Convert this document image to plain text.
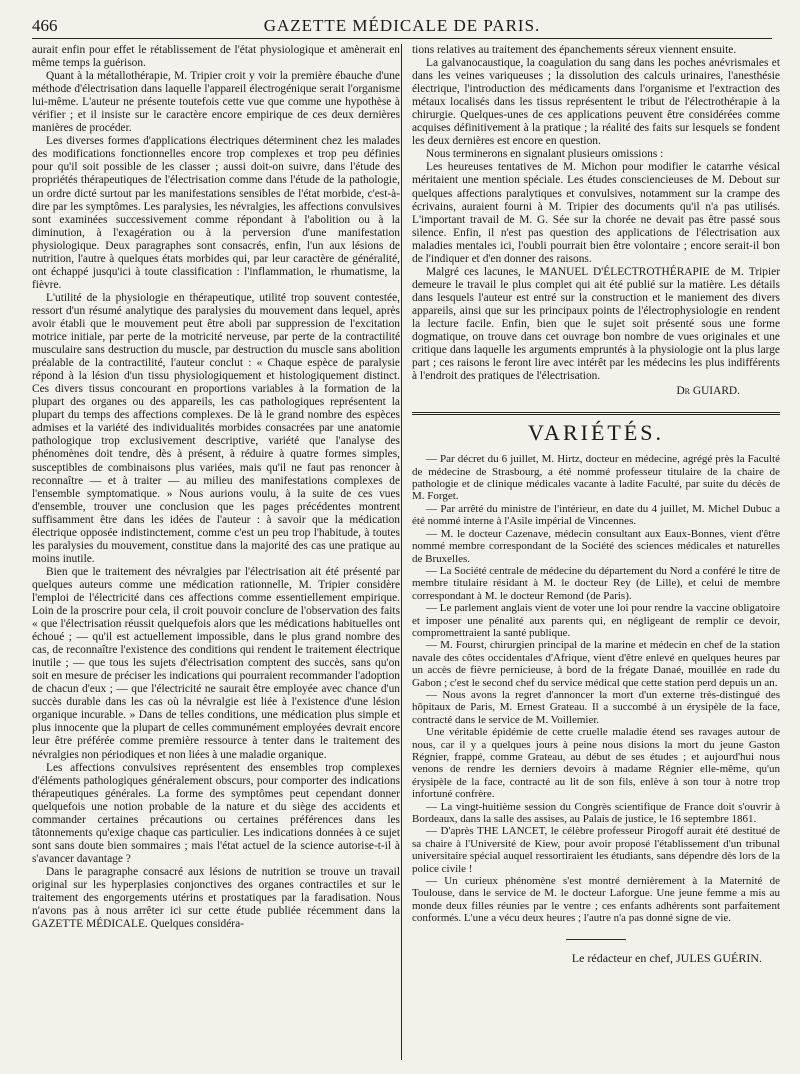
466	GAZETTE MÉDICALE DE PARIS.

aurait enfin pour effet le rétablissement de l'état physiologique et amènerait en même temps la guérison.

Quant à la métallothérapie, M. Tripier croit y voir la première ébauche d'une méthode d'électrisation dans laquelle l'appareil électrogénique serait l'organisme lui-même. L'auteur ne présente toutefois cette vue que comme une hypothèse à vérifier ; et il insiste sur le caractère encore empirique de ces deux dernières manières de procéder.

Les diverses formes d'applications électriques déterminent chez les malades des modifications fonctionnelles encore trop complexes et trop peu définies pour qu'il soit possible de les classer ; aussi doit-on suivre, dans l'étude des propriétés thérapeutiques de l'électrisation comme dans l'étude de la pathologie, un ordre dicté surtout par les manifestations sensibles de l'état morbide, c'est-à-dire par les symptômes. Les paralysies, les névralgies, les affections convulsives sont examinées successivement comme répondant à l'abolition ou à la diminution, à l'exagération ou à la perversion d'une manifestation physiologique. Deux paragraphes sont consacrés, enfin, l'un aux lésions de nutrition, l'autre à quelques états morbides qui, par leur caractère de généralité, ont échappé jusqu'ici à toute classification : l'inflammation, le rhumatisme, la fièvre.

L'utilité de la physiologie en thérapeutique, utilité trop souvent contestée, ressort d'un résumé analytique des paralysies du mouvement dans lequel, après avoir établi que le mouvement peut être aboli par suppression de l'excitation motrice initiale, par perte de la motricité nerveuse, par perte de la contractilité musculaire sans destruction du muscle, par destruction du muscle sans abolition préalable de la contractilité, l'auteur conclut : « Chaque espèce de paralysie répond à la lésion d'un tissu physiologiquement et histologiquement distinct. Ces divers tissus concourant en proportions variables à la formation de la plupart des organes ou des appareils, les cas pathologiques représentent la plupart du temps des affections complexes. De là le grand nombre des espèces admises et la variété des individualités morbides consacrées par une anatomie pathologique trop exclusivement descriptive, variété que l'analyse des phénomènes doit tendre, dès à présent, à réduire à quatre formes simples, susceptibles de combinaisons plus variées, mais qu'il ne faut pas renoncer à reconnaître — et à traiter — au milieu des manifestations complexes de l'ensemble symptomatique. » Nous aurions voulu, à la suite de ces vues d'ensemble, trouver une conclusion que les pages précédentes montrent suffisamment être dans les idées de l'auteur : à savoir que la médication électrique opposée indistinctement, comme c'est un peu trop l'habitude, à toutes les paralysies du mouvement, constitue dans la majorité des cas une pratique au moins inutile.

Bien que le traitement des névralgies par l'électrisation ait été présenté par quelques auteurs comme une médication rationnelle, M. Tripier considère l'emploi de l'électricité dans ces affections comme essentiellement empirique. Loin de la proscrire pour cela, il croit pouvoir conclure de l'observation des faits « que l'électrisation réussit quelquefois alors que les médications habituelles ont échoué ; — qu'il est actuellement impossible, dans le plus grand nombre des cas, de reconnaître l'existence des conditions qui rendent le traitement électrique inutile ; — que tous les sujets d'électrisation comptent des succès, sans qu'on soit en mesure de préciser les indications qui pourraient recommander l'adoption de chacun d'eux ; — que l'électricité ne saurait être employée avec chance d'un succès durable dans les cas où la névralgie est liée à l'existence d'une lésion organique incurable. » Dans de telles conditions, une médication plus simple et plus innocente que la plupart de celles communément employées devrait encore leur être préférée comme première ressource à tenter dans le traitement des névralgies non périodiques et non liées à une maladie organique.

Les affections convulsives représentent des ensembles trop complexes d'éléments pathologiques généralement obscurs, pour comporter des indications thérapeutiques générales. La forme des symptômes peut cependant donner quelquefois une notion probable de la nature et du siège des accidents et commander certaines précautions ou certaines préférences dans les tâtonnements qu'exige chaque cas particulier. Les indications données à ce sujet sont sans doute bien sommaires ; mais l'état actuel de la science autorise-t-il à s'avancer davantage ?

Dans le paragraphe consacré aux lésions de nutrition se trouve un travail original sur les hyperplasies conjonctives des organes contractiles et sur le traitement des engorgements utérins et prostatiques par la faradisation. Nous n'avons pas à nous arrêter ici sur cette étude publiée récemment dans la GAZETTE MÉDICALE. Quelques considéra-

tions relatives au traitement des épanchements séreux viennent ensuite.

La galvanocaustique, la coagulation du sang dans les poches anévrismales et dans les veines variqueuses ; la dissolution des calculs urinaires, l'anesthésie électrique, l'introduction des médicaments dans l'organisme et l'extraction des métaux localisés dans les tissus représentent le tribut de l'électrothérapie à la chirurgie. Quelques-unes de ces applications peuvent être considérées comme acquises définitivement à la pratique ; la réalité des faits sur lesquels se fondent les deux dernières est encore en question.

Nous terminerons en signalant plusieurs omissions :

Les heureuses tentatives de M. Michon pour modifier le catarrhe vésical méritaient une mention spéciale. Les études consciencieuses de M. Debout sur quelques affections paralytiques et convulsives, notamment sur la crampe des écrivains, auraient fourni à M. Tripier des documents qu'il n'a pas utilisés. L'important travail de M. G. Sée sur la chorée ne devait pas être passé sous silence. Enfin, il n'est pas question des applications de l'électrisation aux maladies mentales ici, l'oubli pourrait bien être volontaire ; encore serait-il bon de l'indiquer et d'en donner des raisons.

Malgré ces lacunes, le MANUEL D'ÉLECTROTHÉRAPIE de M. Tripier demeure le travail le plus complet qui ait été publié sur la matière. Les détails dans lesquels l'auteur est entré sur la construction et le maniement des divers appareils, ainsi que sur les principaux points de l'électrophysiologie en rendent la lecture facile. Enfin, bien que le sujet soit présenté sous une forme dogmatique, on trouve dans cet ouvrage bon nombre de vues originales et une critique dans laquelle les arguments empruntés à la physiologie ont la plus large part ; ces raisons le feront lire avec intérêt par les médecins les plus indifférents à l'endroit des pratiques de l'électrisation.

Dr GUIARD.
VARIÉTÉS.

— Par décret du 6 juillet, M. Hirtz, docteur en médecine, agrégé près la Faculté de médecine de Strasbourg, a été nommé professeur titulaire de la chaire de pathologie et de clinique médicales vacante à ladite Faculté, par suite du décès de M. Forget.

— Par arrêté du ministre de l'intérieur, en date du 4 juillet, M. Michel Dubuc a été nommé interne à l'Asile impérial de Vincennes.

— M. le docteur Cazenave, médecin consultant aux Eaux-Bonnes, vient d'être nommé membre correspondant de la Société des sciences médicales et naturelles de Bruxelles.

— La Société centrale de médecine du département du Nord a conféré le titre de membre titulaire résidant à M. le docteur Rey (de Lille), et celui de membre correspondant à M. le docteur Remond (de Paris).

— Le parlement anglais vient de voter une loi pour rendre la vaccine obligatoire et imposer une pénalité aux parents qui, en négligeant de remplir ce devoir, compromettraient la santé publique.

— M. Fourst, chirurgien principal de la marine et médecin en chef de la station navale des côtes occidentales d'Afrique, vient d'être enlevé en quelques heures par un accès de fièvre pernicieuse, à bord de la frégate Danaé, mouillée en rade du Gabon ; c'est le second chef du service médical que cette station perd depuis un an.

— Nous avons la regret d'annoncer la mort d'un externe très-distingué des hôpitaux de Paris, M. Ernest Grateau. Il a succombé à un érysipèle de la face, contracté dans le service de M. Voillemier.

Une véritable épidémie de cette cruelle maladie étend ses ravages autour de nous, car il y a quelques jours à peine nous disions la mort du jeune Gaston Régnier, frappé, comme Grateau, au début de ses études ; et aujourd'hui nous venons de rendre les derniers devoirs à madame Régnier elle-même, qu'un érysipèle de la face, contracté au lit de son fils, enlève à son tour à notre trop infortuné confrère.

— La vingt-huitième session du Congrès scientifique de France doit s'ouvrir à Bordeaux, dans la salle des assises, au Palais de justice, le 16 septembre 1861.

— D'après THE LANCET, le célèbre professeur Pirogoff aurait été destitué de sa chaire à l'Université de Kiew, pour avoir proposé l'établissement d'un tribunal universitaire spécial auquel ressortiraient les étudiants, sans dépendre dès lors de la police civile !

— Un curieux phénomène s'est montré dernièrement à la Maternité de Toulouse, dans le service de M. le docteur Laforgue. Une jeune femme a mis au monde deux filles réunies par le ventre ; ces enfants adhérents sont parfaitement conformés. L'une a vécu deux heures ; l'autre n'a pas donné signe de vie.

Le rédacteur en chef, JULES GUÉRIN.
